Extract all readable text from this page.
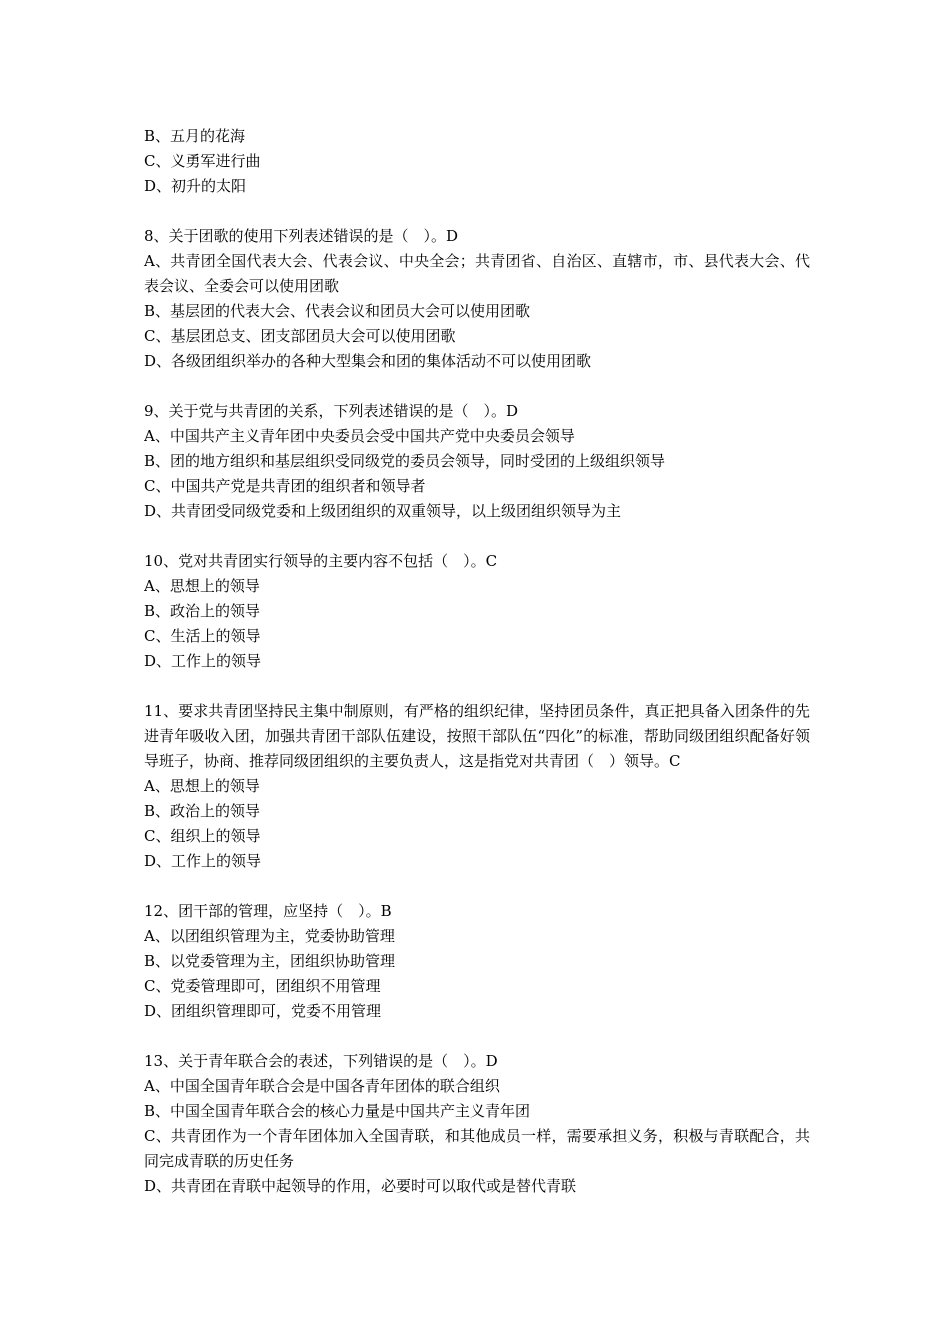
B、五月的花海
C、义勇军进行曲
D、初升的太阳
8、关于团歌的使用下列表述错误的是（　）。D
A、共青团全国代表大会、代表会议、中央全会；共青团省、自治区、直辖市，市、县代表大会、代表会议、全委会可以使用团歌
B、基层团的代表大会、代表会议和团员大会可以使用团歌
C、基层团总支、团支部团员大会可以使用团歌
D、各级团组织举办的各种大型集会和团的集体活动不可以使用团歌
9、关于党与共青团的关系，下列表述错误的是（　）。D
A、中国共产主义青年团中央委员会受中国共产党中央委员会领导
B、团的地方组织和基层组织受同级党的委员会领导，同时受团的上级组织领导
C、中国共产党是共青团的组织者和领导者
D、共青团受同级党委和上级团组织的双重领导，以上级团组织领导为主
10、党对共青团实行领导的主要内容不包括（　）。C
A、思想上的领导
B、政治上的领导
C、生活上的领导
D、工作上的领导
11、要求共青团坚持民主集中制原则，有严格的组织纪律，坚持团员条件，真正把具备入团条件的先进青年吸收入团，加强共青团干部队伍建设，按照干部队伍“四化”的标准，帮助同级团组织配备好领导班子，协商、推荐同级团组织的主要负责人，这是指党对共青团（　）领导。C
A、思想上的领导
B、政治上的领导
C、组织上的领导
D、工作上的领导
12、团干部的管理，应坚持（　）。B
A、以团组织管理为主，党委协助管理
B、以党委管理为主，团组织协助管理
C、党委管理即可，团组织不用管理
D、团组织管理即可，党委不用管理
13、关于青年联合会的表述，下列错误的是（　）。D
A、中国全国青年联合会是中国各青年团体的联合组织
B、中国全国青年联合会的核心力量是中国共产主义青年团
C、共青团作为一个青年团体加入全国青联，和其他成员一样，需要承担义务，积极与青联配合，共同完成青联的历史任务
D、共青团在青联中起领导的作用，必要时可以取代或是替代青联
